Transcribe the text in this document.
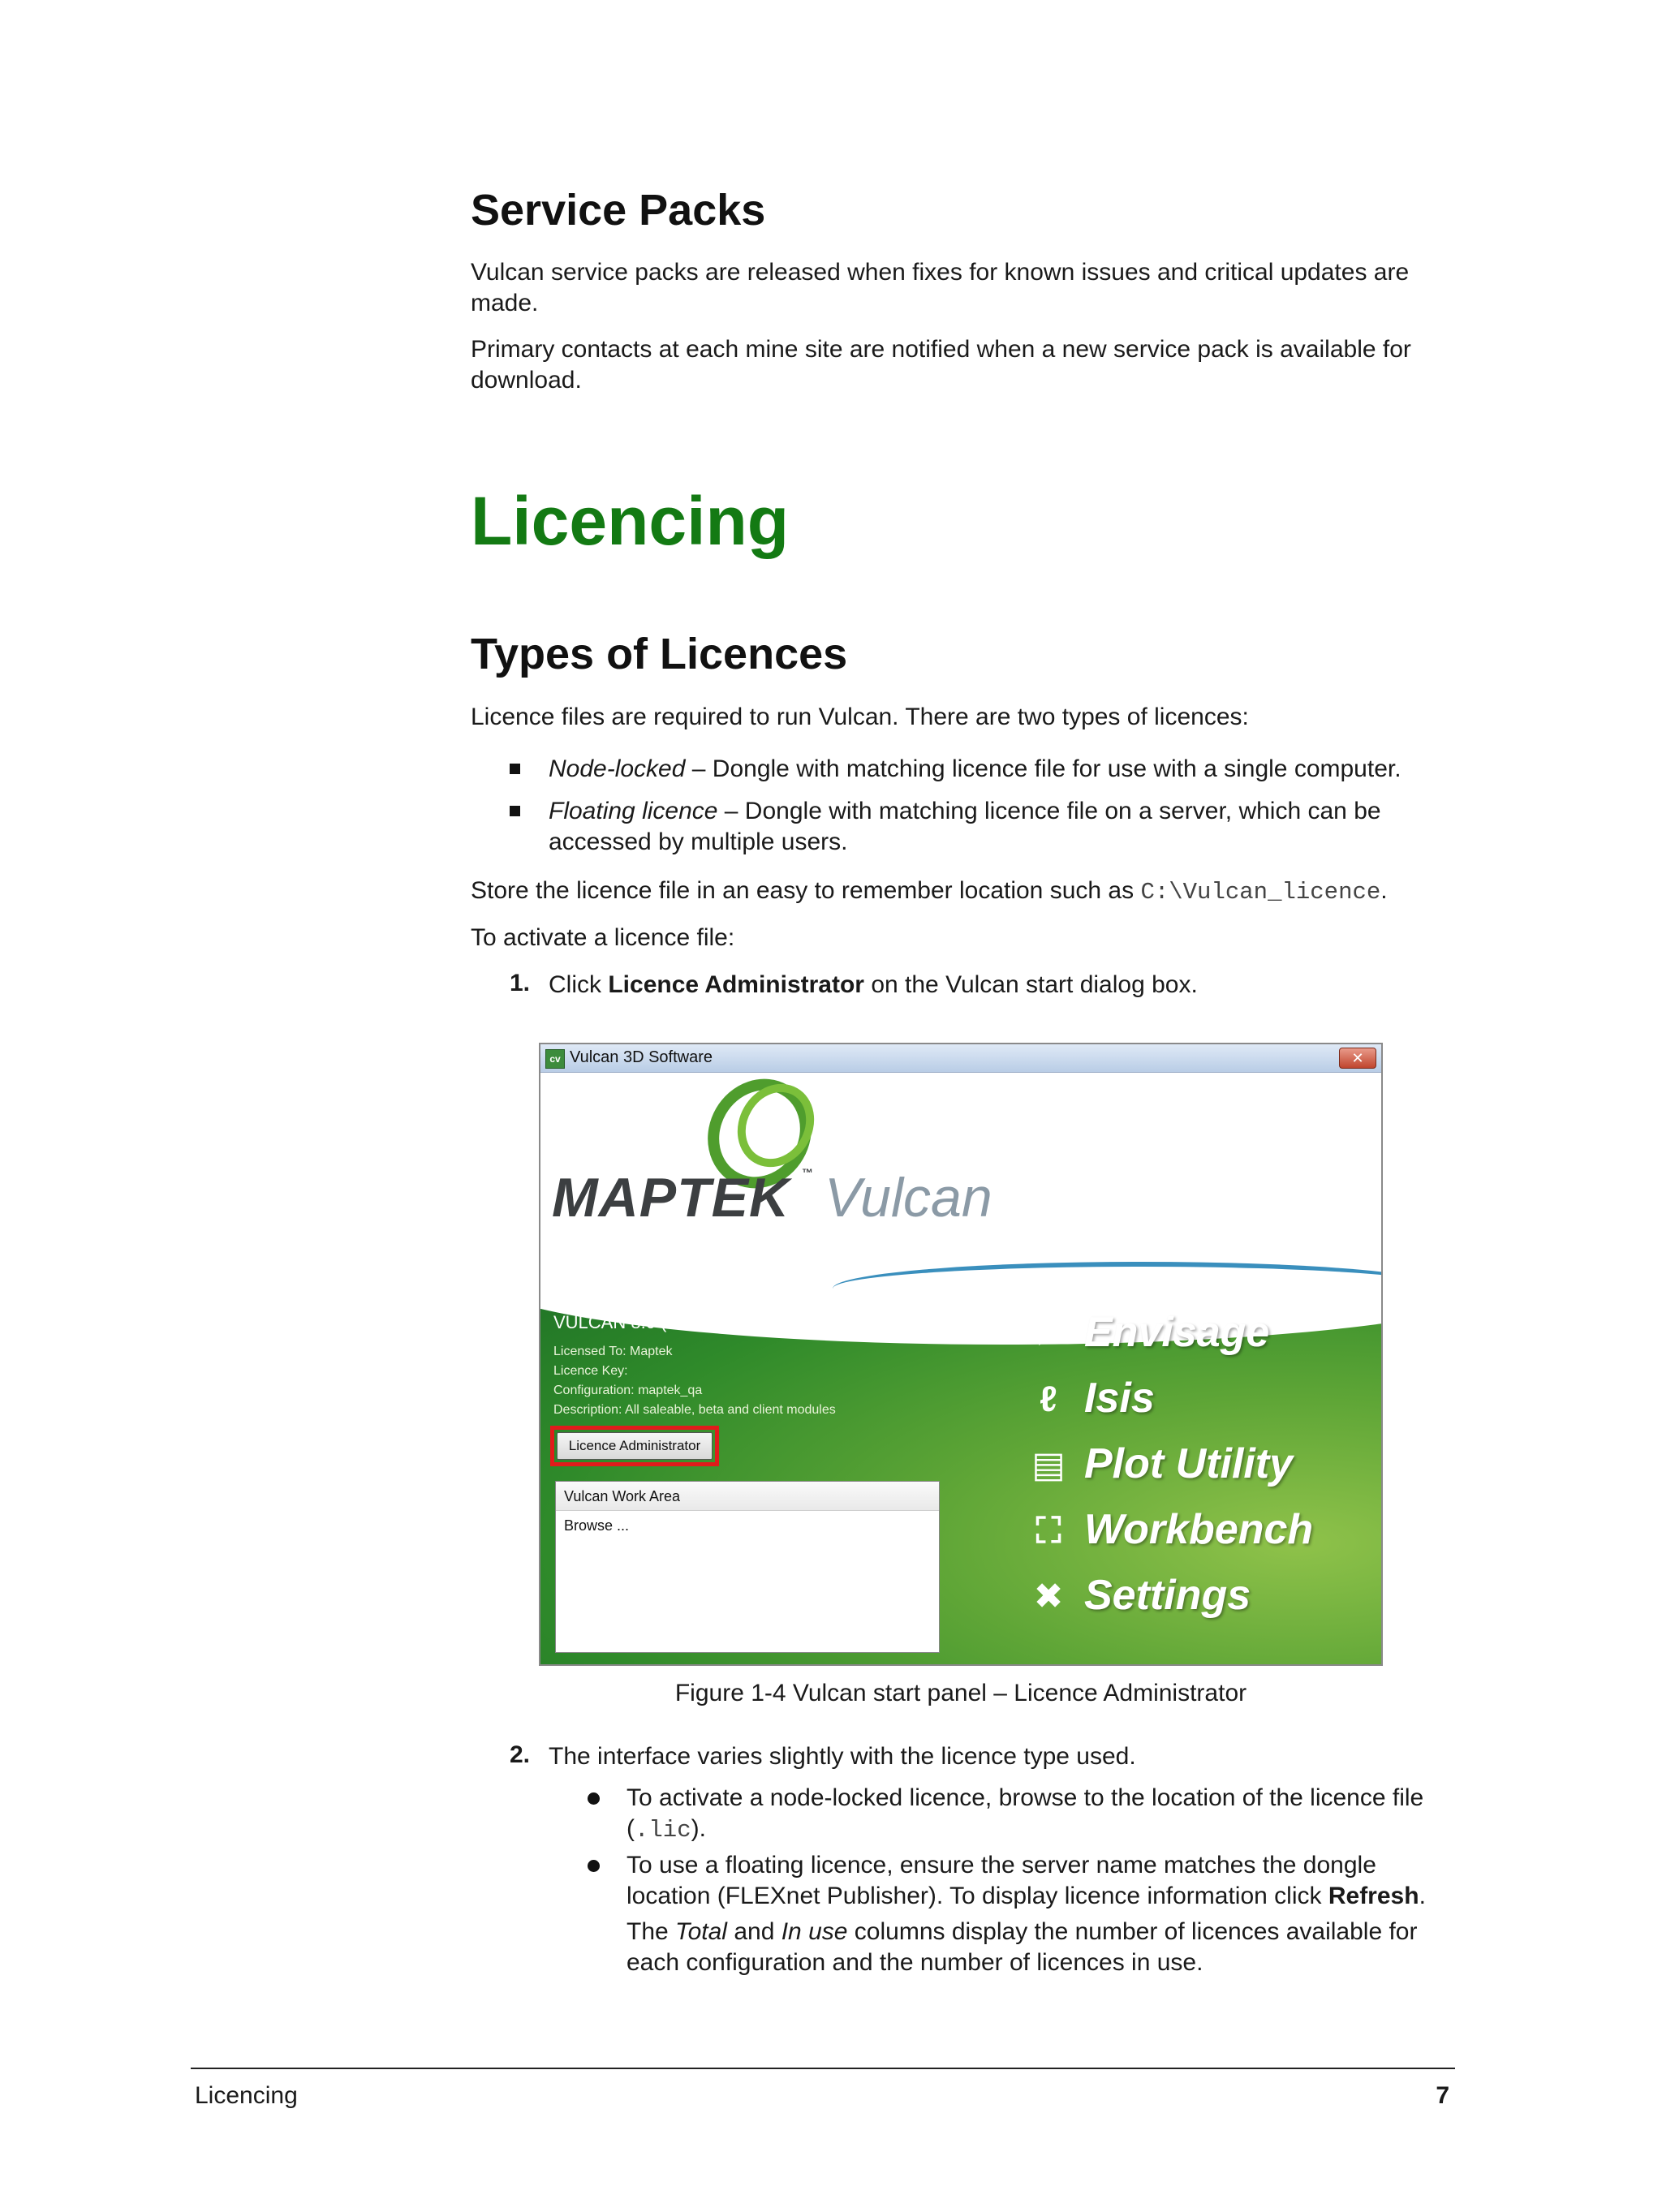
Service Packs

Vulcan service packs are released when fixes for known issues and critical updates are made.

Primary contacts at each mine site are notified when a new service pack is available for download.

Licencing
Types of Licences

Licence files are required to run Vulcan. There are two types of licences:

Node-locked – Dongle with matching licence file for use with a single computer.

Floating licence – Dongle with matching licence file on a server, which can be
accessed by multiple users.

Store the licence file in an easy to remember location such as C:\Vulcan_licence.

To activate a licence file:

1. Click Licence Administrator on the Vulcan start dialog box.

cv Vulcan 3D Software	✕
MAPTEK ™ Vulcan
VULCAN 8.0 (Build 3075)
Licensed To: Maptek
Licence Key:
Configuration: maptek_qa
Description: All saleable, beta and client modules
Licence Administrator
Vulcan Work Area
Browse ...
⚡ Envisage
ℓ Isis
▤ Plot Utility
⛶ Workbench
✖ Settings
Figure 1-4 Vulcan start panel – Licence Administrator
2. The interface varies slightly with the licence type used.

To activate a node-locked licence, browse to the location of the licence file
(.lic).

To use a floating licence, ensure the server name matches the dongle
location (FLEXnet Publisher). To display licence information click Refresh.

The Total and In use columns display the number of licences available for
each configuration and the number of licences in use.

Licencing	7
